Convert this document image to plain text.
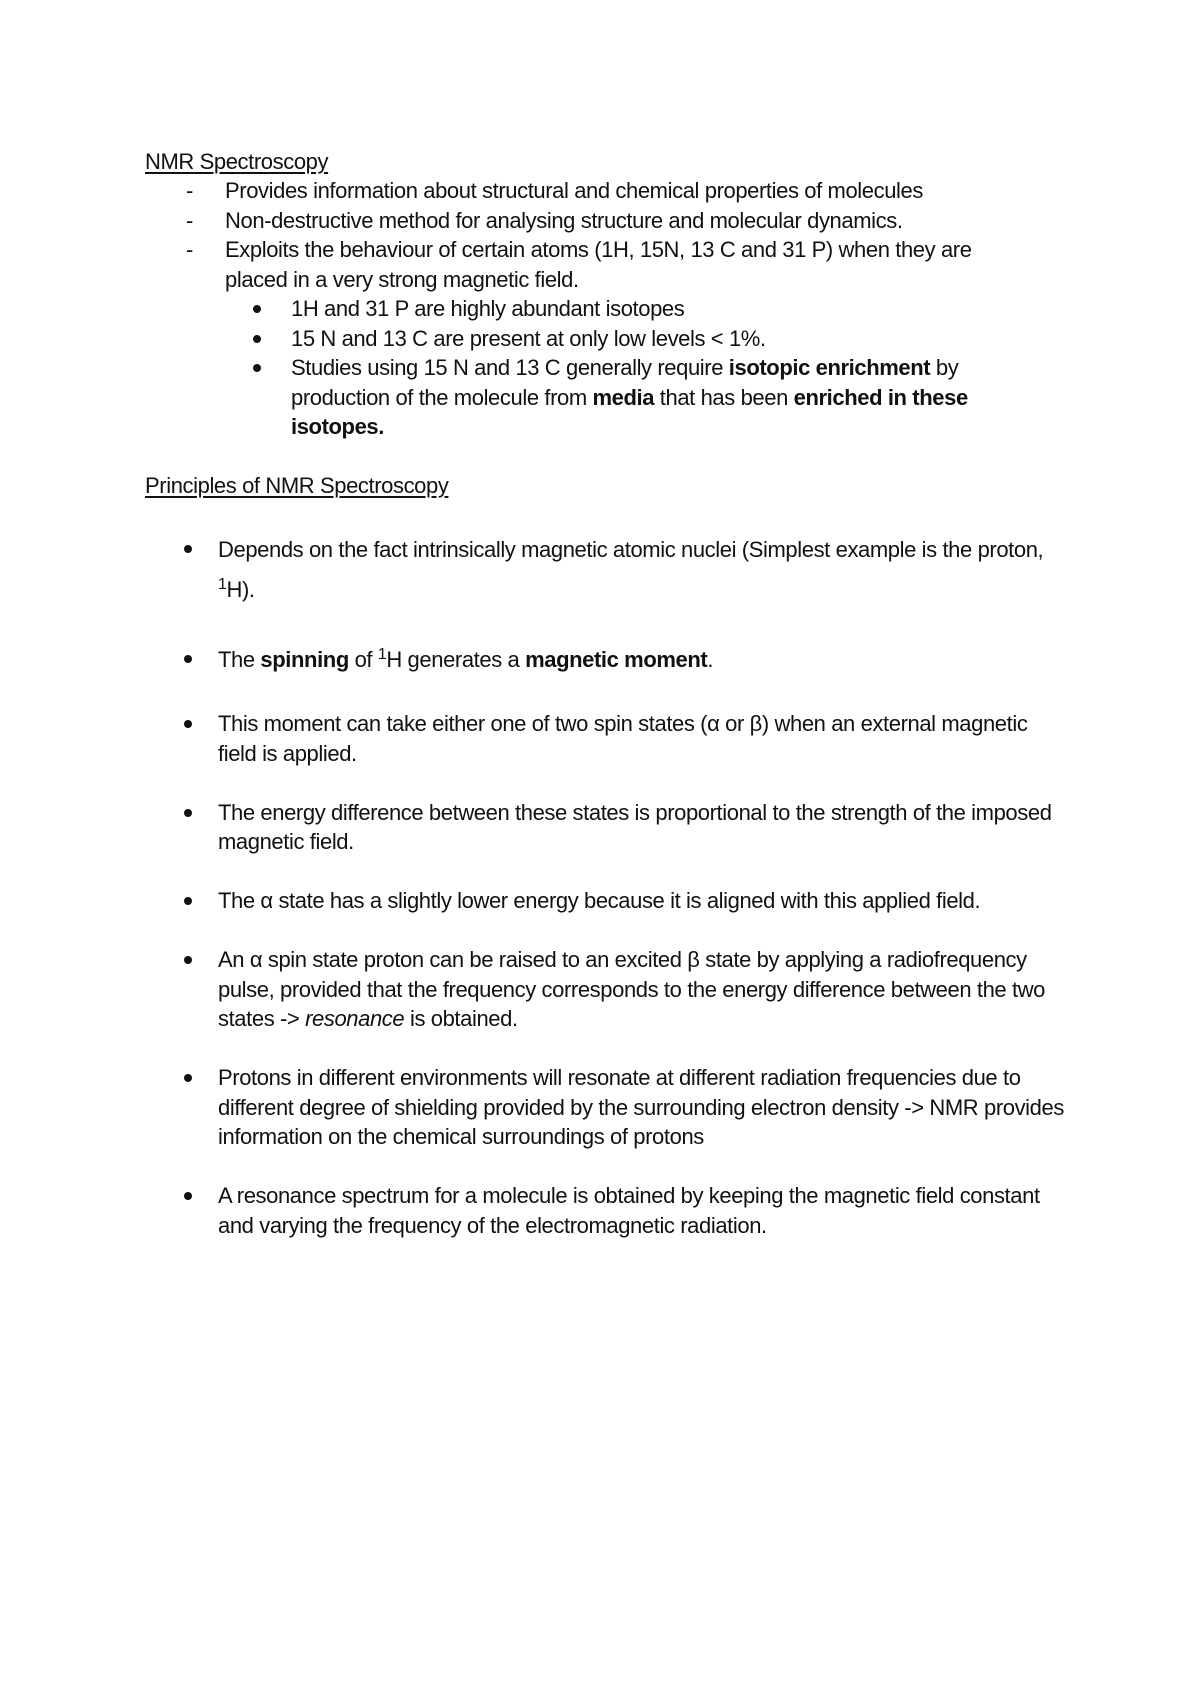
NMR Spectroscopy
- Provides information about structural and chemical properties of molecules
- Non-destructive method for analysing structure and molecular dynamics.
- Exploits the behaviour of certain atoms (1H, 15N, 13 C and 31 P) when they are placed in a very strong magnetic field.
1H and 31 P are highly abundant isotopes
15 N and 13 C are present at only low levels < 1%.
Studies using 15 N and 13 C generally require isotopic enrichment by production of the molecule from media that has been enriched in these isotopes.
Principles of NMR Spectroscopy
Depends on the fact intrinsically magnetic atomic nuclei (Simplest example is the proton, $^1$H).
The spinning of $^1$H generates a magnetic moment.
This moment can take either one of two spin states (α or β) when an external magnetic field is applied.
The energy difference between these states is proportional to the strength of the imposed magnetic field.
The α state has a slightly lower energy because it is aligned with this applied field.
An α spin state proton can be raised to an excited β state by applying a radiofrequency pulse, provided that the frequency corresponds to the energy difference between the two states -> resonance is obtained.
Protons in different environments will resonate at different radiation frequencies due to different degree of shielding provided by the surrounding electron density -> NMR provides information on the chemical surroundings of protons
A resonance spectrum for a molecule is obtained by keeping the magnetic field constant and varying the frequency of the electromagnetic radiation.
